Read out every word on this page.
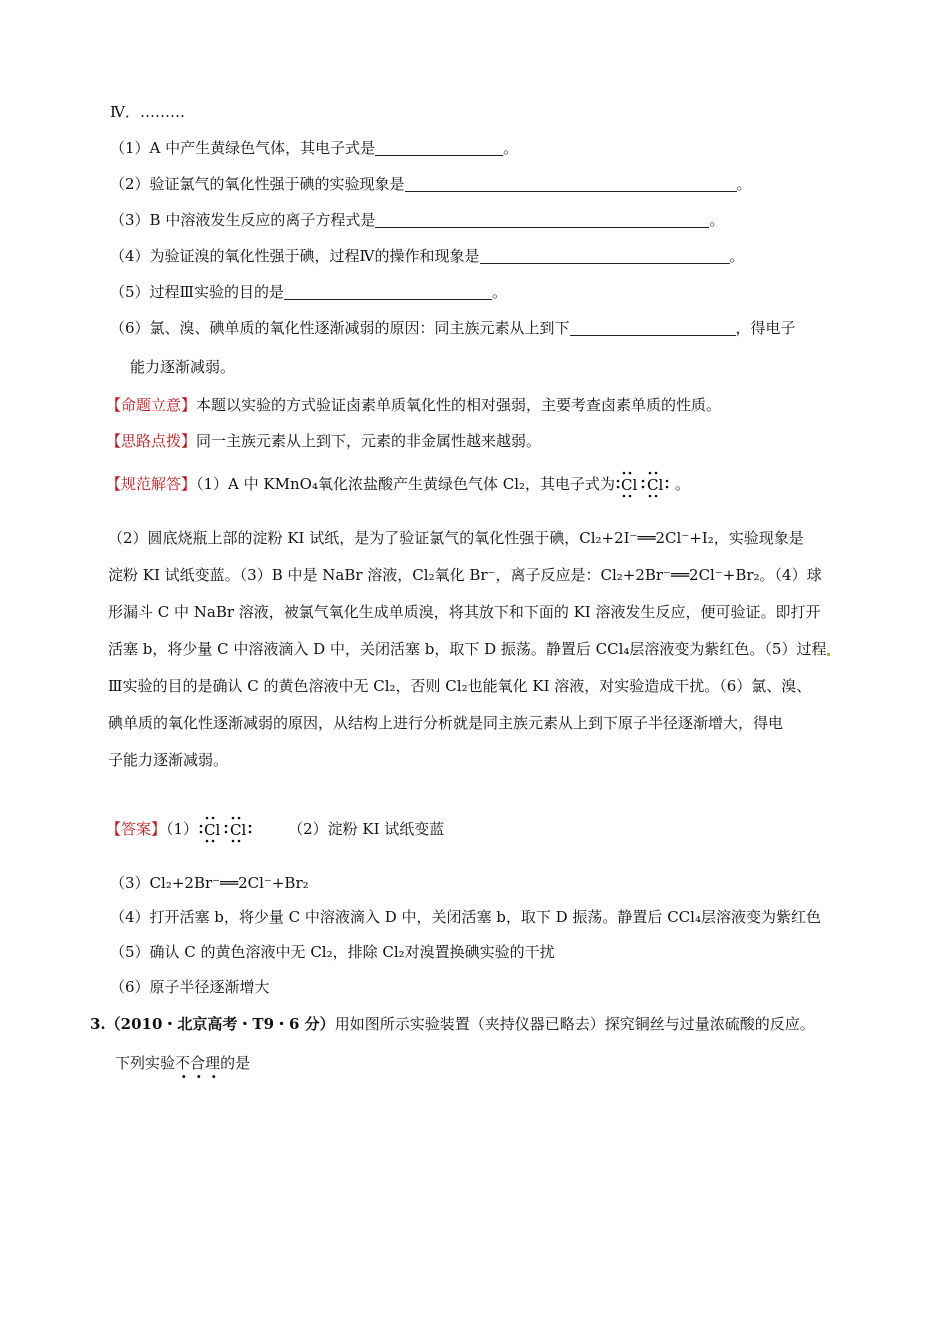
Ⅳ．………
（1）A 中产生黄绿色气体，其电子式是	。
（2）验证氯气的氧化性强于碘的实验现象是	。
（3）B 中溶液发生反应的离子方程式是	。
（4）为验证溴的氧化性强于碘，过程Ⅳ的操作和现象是	。
（5）过程Ⅲ实验的目的是	。
（6）氯、溴、碘单质的氧化性逐渐减弱的原因：同主族元素从上到下	，得电子
能力逐渐减弱。
【命题立意】本题以实验的方式验证卤素单质氧化性的相对强弱，主要考查卤素单质的性质。
【思路点拨】同一主族元素从上到下，元素的非金属性越来越弱。
【规范解答】（1）A 中 KMnO₄氧化浓盐酸产生黄绿色气体 Cl₂，其电子式为 Cl Cl 。
（2）圆底烧瓶上部的淀粉 KI 试纸，是为了验证氯气的氧化性强于碘，Cl₂+2I⁻══2Cl⁻+I₂，实验现象是
淀粉 KI 试纸变蓝。（3）B 中是 NaBr 溶液，Cl₂氧化 Br⁻，离子反应是：Cl₂+2Br⁻══2Cl⁻+Br₂。（4）球
形漏斗 C 中 NaBr 溶液，被氯气氧化生成单质溴，将其放下和下面的 KI 溶液发生反应，便可验证。即打开
活塞 b，将少量 C 中溶液滴入 D 中，关闭活塞 b，取下 D 振荡。静置后 CCl₄层溶液变为紫红色。（5）过程
Ⅲ实验的目的是确认 C 的黄色溶液中无 Cl₂，否则 Cl₂也能氧化 KI 溶液，对实验造成干扰。（6）氯、溴、
碘单质的氧化性逐渐减弱的原因，从结构上进行分析就是同主族元素从上到下原子半径逐渐增大，得电
子能力逐渐减弱。
【答案】（1） Cl Cl	（2）淀粉 KI 试纸变蓝
（3）Cl₂+2Br⁻══2Cl⁻+Br₂
（4）打开活塞 b，将少量 C 中溶液滴入 D 中，关闭活塞 b，取下 D 振荡。静置后 CCl₄层溶液变为紫红色
（5）确认 C 的黄色溶液中无 Cl₂，排除 Cl₂对溴置换碘实验的干扰
（6）原子半径逐渐增大
3.（2010・北京高考・T9・6 分）用如图所示实验装置（夹持仪器已略去）探究铜丝与过量浓硫酸的反应。
下列实验不合理的是
